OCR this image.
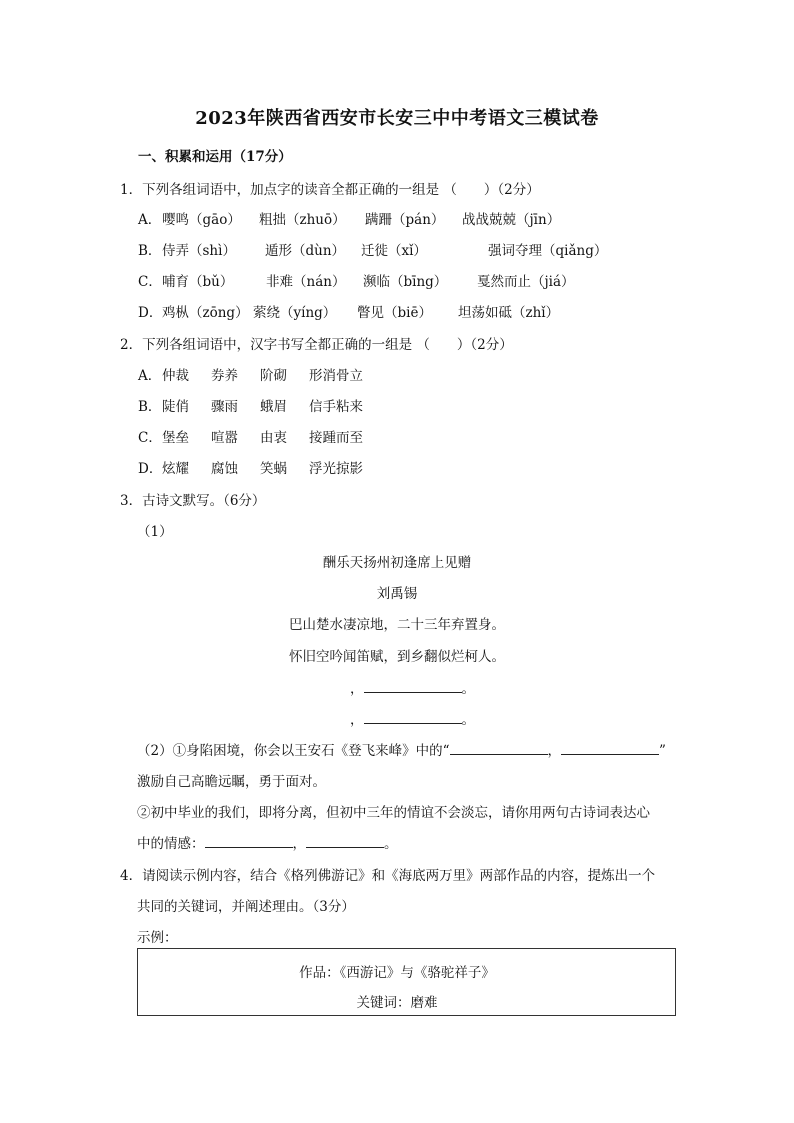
2023年陕西省西安市长安三中中考语文三模试卷
一、积累和运用（17分）
1．下列各组词语中，加点字的读音全都正确的一组是 （　　）（2分）
A． 嘤鸣（gāo） 粗拙（zhuō） 蹒跚（pán） 战战兢兢（jīn）
B． 侍弄（shì） 遁形（dùn） 迁徙（xǐ）	强词夺理（qiǎng）
C． 哺育（bǔ） 非难（nán） 濒临（bīng） 戛然而止（jiá）
D． 鸡枞（zōng） 萦绕（yíng） 瞥见（biē） 坦荡如砥（zhǐ）
2．下列各组词语中，汉字书写全都正确的一组是 （　　）（2分）
A． 仲裁 券养 阶砌 形消骨立
B． 陡俏 骤雨 蛾眉 信手粘来
C． 堡垒 喧嚣 由衷 接踵而至
D． 炫耀 腐蚀 笑蜗 浮光掠影
3．古诗文默写。（6分）
（1）
酬乐天扬州初逢席上见赠
刘禹锡
巴山楚水凄凉地，二十三年弃置身。
怀旧空吟闻笛赋，到乡翻似烂柯人。
，	。
，	。
（2）①身陷困境，你会以王安石《登飞来峰》中的“	，	”
激励自己高瞻远瞩，勇于面对。
②初中毕业的我们，即将分离，但初中三年的情谊不会淡忘，请你用两句古诗词表达心
中的情感：	，	。
4．请阅读示例内容，结合《格列佛游记》和《海底两万里》两部作品的内容，提炼出一个
共同的关键词，并阐述理由。（3分）
示例：
作品：《西游记》与《骆驼祥子》
关键词：磨难
